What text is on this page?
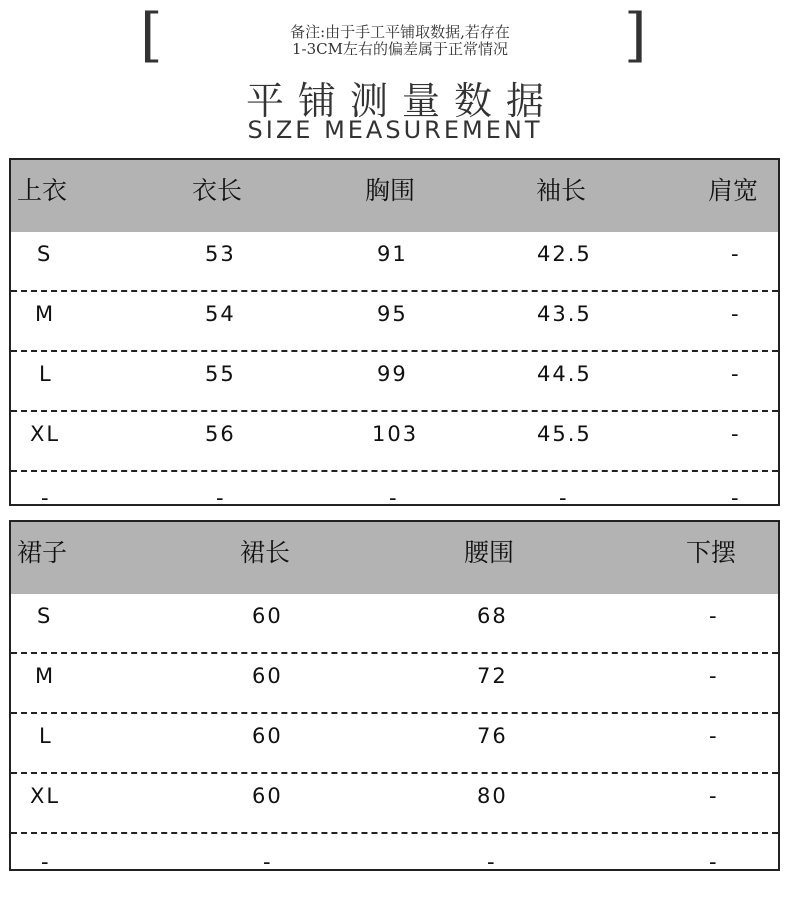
[	备注:由于手工平铺取数据,若存在
1-3CM左右的偏差属于正常情况	]
平铺测量数据
SIZE MEASUREMENT
上衣	衣长	胸围	袖长	肩宽
S	53	91	42.5	-
M	54	95	43.5	-
L	55	99	44.5	-
XL	56	103	45.5	-
-	-	-	-	-
裙子	裙长	腰围	下摆
S	60	68	-
M	60	72	-
L	60	76	-
XL	60	80	-
-	-	-	-
